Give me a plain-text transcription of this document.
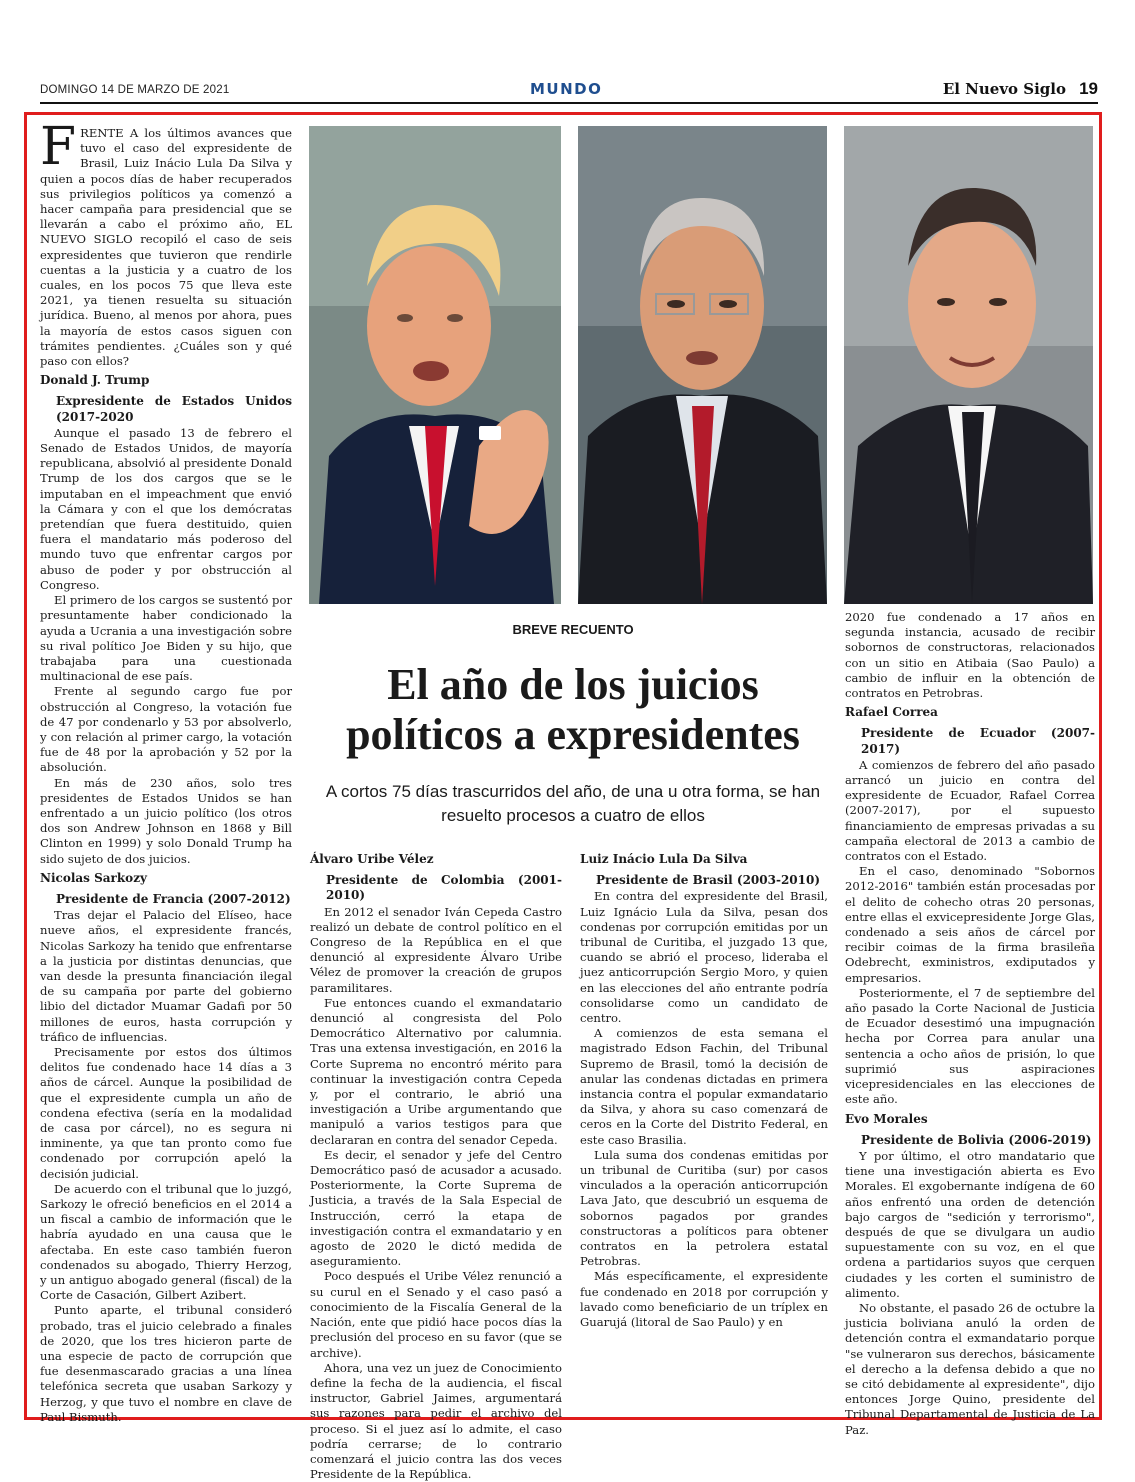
DOMINGO 14 DE MARZO DE 2021	MUNDO	El Nuevo Siglo 19
BREVE RECUENTO
El año de los juicios políticos a expresidentes
A cortos 75 días trascurridos del año, de una u otra forma, se han resuelto procesos a cuatro de ellos

FRENTE A los últimos avances que tuvo el caso del expresidente de Brasil, Luiz Inácio Lula Da Silva y quien a pocos días de haber recuperados sus privilegios políticos ya comenzó a hacer campaña para presidencial que se llevarán a cabo el próximo año, EL NUEVO SIGLO recopiló el caso de seis expresidentes que tuvieron que rendirle cuentas a la justicia y a cuatro de los cuales, en los pocos 75 que lleva este 2021, ya tienen resuelta su situación jurídica. Bueno, al menos por ahora, pues la mayoría de estos casos siguen con trámites pendientes. ¿Cuáles son y qué paso con ellos?

Donald J. Trump
Expresidente de Estados Unidos (2017-2020

Aunque el pasado 13 de febrero el Senado de Estados Unidos, de mayoría republicana, absolvió al presidente Donald Trump de los dos cargos que se le imputaban en el impeachment que envió la Cámara y con el que los demócratas pretendían que fuera destituido, quien fuera el mandatario más poderoso del mundo tuvo que enfrentar cargos por abuso de poder y por obstrucción al Congreso.

El primero de los cargos se sustentó por presuntamente haber condicionado la ayuda a Ucrania a una investigación sobre su rival político Joe Biden y su hijo, que trabajaba para una cuestionada multinacional de ese país.

Frente al segundo cargo fue por obstrucción al Congreso, la votación fue de 47 por condenarlo y 53 por absolverlo, y con relación al primer cargo, la votación fue de 48 por la aprobación y 52 por la absolución.

En más de 230 años, solo tres presidentes de Estados Unidos se han enfrentado a un juicio político (los otros dos son Andrew Johnson en 1868 y Bill Clinton en 1999) y solo Donald Trump ha sido sujeto de dos juicios.

Nicolas Sarkozy
Presidente de Francia (2007-2012)

Tras dejar el Palacio del Elíseo, hace nueve años, el expresidente francés, Nicolas Sarkozy ha tenido que enfrentarse a la justicia por distintas denuncias, que van desde la presunta financiación ilegal de su campaña por parte del gobierno libio del dictador Muamar Gadafi por 50 millones de euros, hasta corrupción y tráfico de influencias.

Precisamente por estos dos últimos delitos fue condenado hace 14 días a 3 años de cárcel. Aunque la posibilidad de que el expresidente cumpla un año de condena efectiva (sería en la modalidad de casa por cárcel), no es segura ni inminente, ya que tan pronto como fue condenado por corrupción apeló la decisión judicial.

De acuerdo con el tribunal que lo juzgó, Sarkozy le ofreció beneficios en el 2014 a un fiscal a cambio de información que le habría ayudado en una causa que le afectaba. En este caso también fueron condenados su abogado, Thierry Herzog, y un antiguo abogado general (fiscal) de la Corte de Casación, Gilbert Azibert.

Punto aparte, el tribunal consideró probado, tras el juicio celebrado a finales de 2020, que los tres hicieron parte de una especie de pacto de corrupción que fue desenmascarado gracias a una línea telefónica secreta que usaban Sarkozy y Herzog, y que tuvo el nombre en clave de Paul Bismuth.

Álvaro Uribe Vélez
Presidente de Colombia (2001-2010)

En 2012 el senador Iván Cepeda Castro realizó un debate de control político en el Congreso de la República en el que denunció al expresidente Álvaro Uribe Vélez de promover la creación de grupos paramilitares.

Fue entonces cuando el exmandatario denunció al congresista del Polo Democrático Alternativo por calumnia. Tras una extensa investigación, en 2016 la Corte Suprema no encontró mérito para continuar la investigación contra Cepeda y, por el contrario, le abrió una investigación a Uribe argumentando que manipuló a varios testigos para que declararan en contra del senador Cepeda.

Es decir, el senador y jefe del Centro Democrático pasó de acusador a acusado. Posteriormente, la Corte Suprema de Justicia, a través de la Sala Especial de Instrucción, cerró la etapa de investigación contra el exmandatario y en agosto de 2020 le dictó medida de aseguramiento.

Poco después el Uribe Vélez renunció a su curul en el Senado y el caso pasó a conocimiento de la Fiscalía General de la Nación, ente que pidió hace pocos días la preclusión del proceso en su favor (que se archive).

Ahora, una vez un juez de Conocimiento define la fecha de la audiencia, el fiscal instructor, Gabriel Jaimes, argumentará sus razones para pedir el archivo del proceso. Si el juez así lo admite, el caso podría cerrarse; de lo contrario comenzará el juicio contra las dos veces Presidente de la República.

Luiz Inácio Lula Da Silva
Presidente de Brasil (2003-2010)

En contra del expresidente del Brasil, Luiz Ignácio Lula da Silva, pesan dos condenas por corrupción emitidas por un tribunal de Curitiba, el juzgado 13 que, cuando se abrió el proceso, lideraba el juez anticorrupción Sergio Moro, y quien en las elecciones del año entrante podría consolidarse como un candidato de centro.

A comienzos de esta semana el magistrado Edson Fachin, del Tribunal Supremo de Brasil, tomó la decisión de anular las condenas dictadas en primera instancia contra el popular exmandatario da Silva, y ahora su caso comenzará de ceros en la Corte del Distrito Federal, en este caso Brasilia.

Lula suma dos condenas emitidas por un tribunal de Curitiba (sur) por casos vinculados a la operación anticorrupción Lava Jato, que descubrió un esquema de sobornos pagados por grandes constructoras a políticos para obtener contratos en la petrolera estatal Petrobras.

Más específicamente, el expresidente fue condenado en 2018 por corrupción y lavado como beneficiario de un tríplex en Guarujá (litoral de Sao Paulo) y en

2020 fue condenado a 17 años en segunda instancia, acusado de recibir sobornos de constructoras, relacionados con un sitio en Atibaia (Sao Paulo) a cambio de influir en la obtención de contratos en Petrobras.

Rafael Correa
Presidente de Ecuador (2007-2017)

A comienzos de febrero del año pasado arrancó un juicio en contra del expresidente de Ecuador, Rafael Correa (2007-2017), por el supuesto financiamiento de empresas privadas a su campaña electoral de 2013 a cambio de contratos con el Estado.

En el caso, denominado "Sobornos 2012-2016" también están procesadas por el delito de cohecho otras 20 personas, entre ellas el exvicepresidente Jorge Glas, condenado a seis años de cárcel por recibir coimas de la firma brasileña Odebrecht, exministros, exdiputados y empresarios.

Posteriormente, el 7 de septiembre del año pasado la Corte Nacional de Justicia de Ecuador desestimó una impugnación hecha por Correa para anular una sentencia a ocho años de prisión, lo que suprimió sus aspiraciones vicepresidenciales en las elecciones de este año.

Evo Morales
Presidente de Bolivia (2006-2019)

Y por último, el otro mandatario que tiene una investigación abierta es Evo Morales. El exgobernante indígena de 60 años enfrentó una orden de detención bajo cargos de "sedición y terrorismo", después de que se divulgara un audio supuestamente con su voz, en el que ordena a partidarios suyos que cerquen ciudades y les corten el suministro de alimento.

No obstante, el pasado 26 de octubre la justicia boliviana anuló la orden de detención contra el exmandatario porque "se vulneraron sus derechos, básicamente el derecho a la defensa debido a que no se citó debidamente al expresidente", dijo entonces Jorge Quino, presidente del Tribunal Departamental de Justicia de La Paz.
